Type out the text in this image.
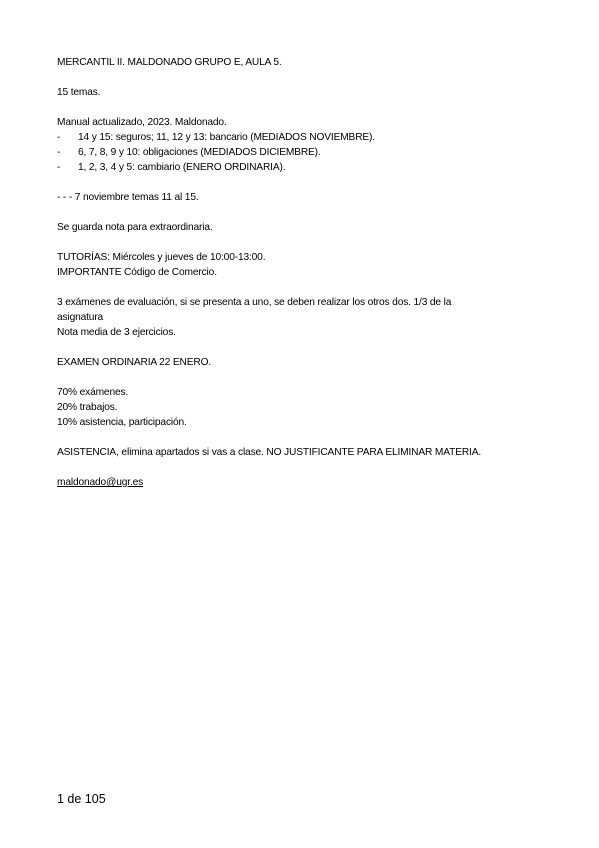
MERCANTIL II. MALDONADO GRUPO E, AULA 5.
15 temas.
Manual actualizado, 2023. Maldonado.
- 14 y 15: seguros; 11, 12 y 13: bancario (MEDIADOS NOVIEMBRE).
- 6, 7, 8, 9 y 10: obligaciones (MEDIADOS DICIEMBRE).
- 1, 2, 3, 4 y 5: cambiario (ENERO ORDINARIA).
- - - 7 noviembre temas 11 al 15.
Se guarda nota para extraordinaria.
TUTORÍAS: Miércoles y jueves de 10:00-13:00.
IMPORTANTE Código de Comercio.
3 exámenes de evaluación, si se presenta a uno, se deben realizar los otros dos. 1/3 de la
asignatura
Nota media de 3 ejercicios.
EXAMEN ORDINARIA 22 ENERO.
70% exámenes.
20% trabajos.
10% asistencia, participación.
ASISTENCIA, elimina apartados si vas a clase. NO JUSTIFICANTE PARA ELIMINAR MATERIA.
maldonado@ugr.es
1 de 105
